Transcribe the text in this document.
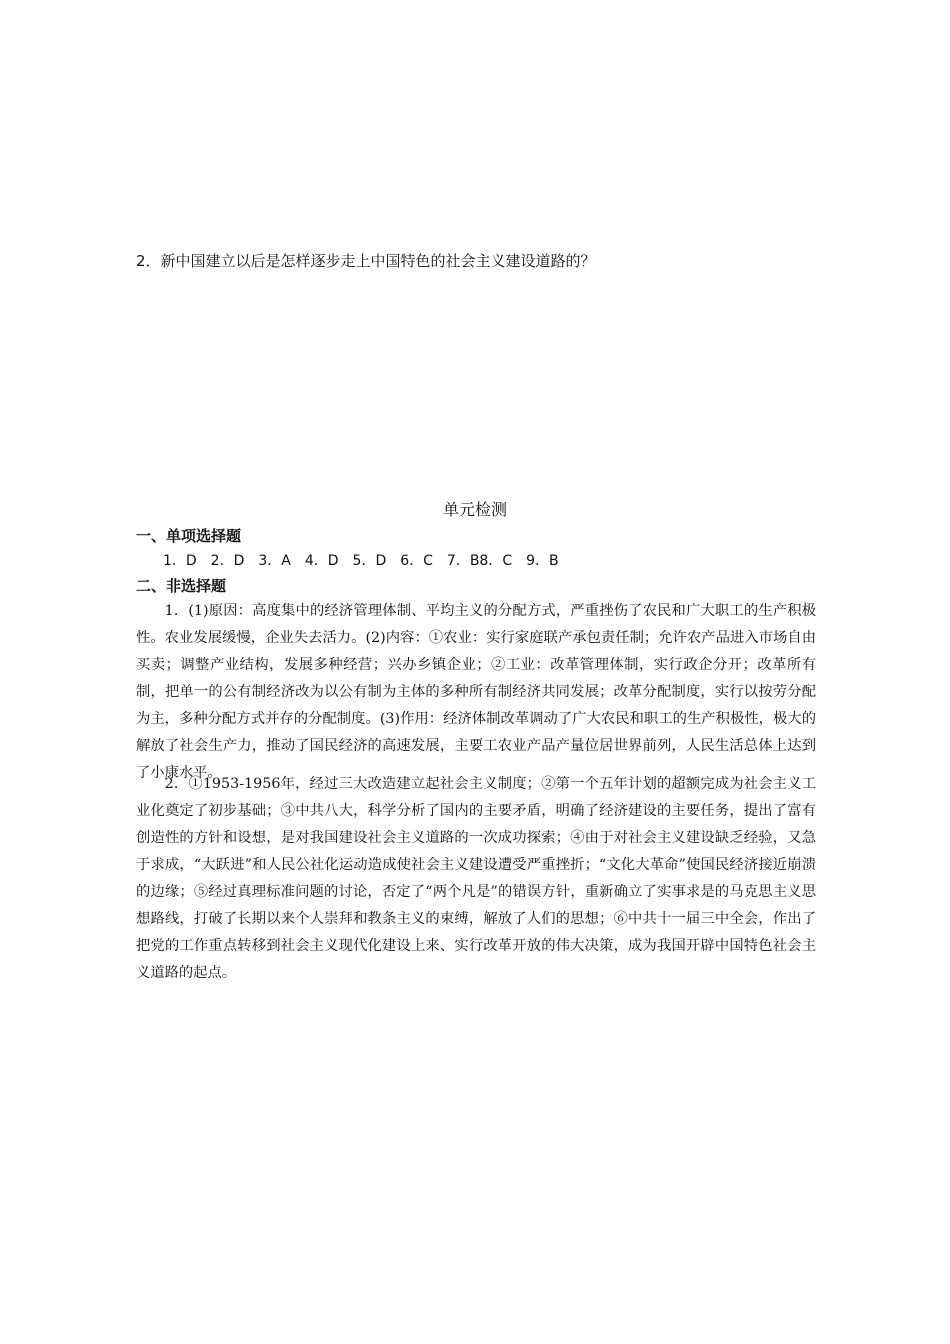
2．新中国建立以后是怎样逐步走上中国特色的社会主义建设道路的？
单元检测
一、单项选择题
1．D　2．D　3．A　4．D　5．D　6．C　7．B8．C　9．B
二、非选择题

1．(1)原因：高度集中的经济管理体制、平均主义的分配方式，严重挫伤了农民和广大职工的生产积极性。农业发展缓慢，企业失去活力。(2)内容：①农业：实行家庭联产承包责任制；允许农产品进入市场自由买卖；调整产业结构，发展多种经营；兴办乡镇企业；②工业：改革管理体制，实行政企分开；改革所有制，把单一的公有制经济改为以公有制为主体的多种所有制经济共同发展；改革分配制度，实行以按劳分配为主，多种分配方式并存的分配制度。(3)作用：经济体制改革调动了广大农民和职工的生产积极性，极大的解放了社会生产力，推动了国民经济的高速发展，主要工农业产品产量位居世界前列，人民生活总体上达到了小康水平。

2．①1953-1956年，经过三大改造建立起社会主义制度；②第一个五年计划的超额完成为社会主义工业化奠定了初步基础；③中共八大，科学分析了国内的主要矛盾，明确了经济建设的主要任务，提出了富有创造性的方针和设想，是对我国建设社会主义道路的一次成功探索；④由于对社会主义建设缺乏经验，又急于求成，“大跃进”和人民公社化运动造成使社会主义建设遭受严重挫折；“文化大革命”使国民经济接近崩溃的边缘；⑤经过真理标准问题的讨论，否定了“两个凡是”的错误方针，重新确立了实事求是的马克思主义思想路线，打破了长期以来个人崇拜和教条主义的束缚，解放了人们的思想；⑥中共十一届三中全会，作出了把党的工作重点转移到社会主义现代化建设上来、实行改革开放的伟大决策，成为我国开辟中国特色社会主义道路的起点。
